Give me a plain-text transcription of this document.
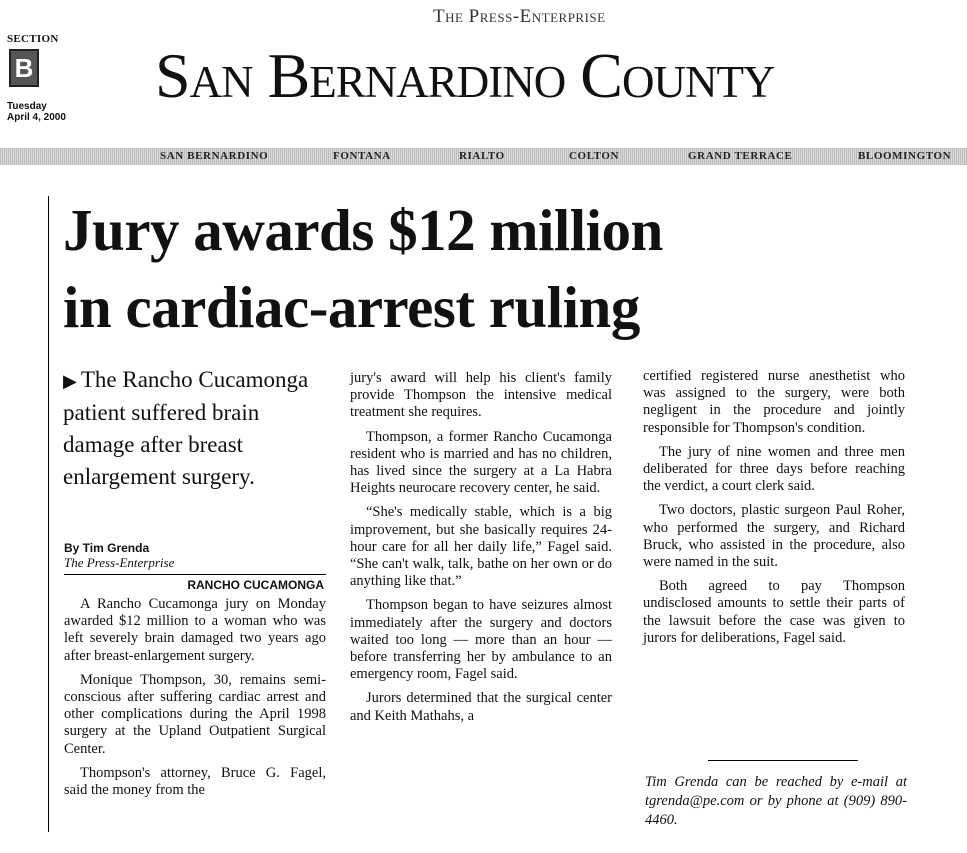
The Press-Enterprise
SECTION
B
Tuesday
April 4, 2000
San Bernardino County
SAN BERNARDINO	FONTANA	RIALTO	COLTON	GRAND TERRACE	BLOOMINGTON
Jury awards $12 million
in cardiac-arrest ruling
▶ The Rancho Cucamonga patient suffered brain damage after breast enlargement surgery.
By Tim Grenda
The Press-Enterprise
RANCHO CUCAMONGA

A Rancho Cucamonga jury on Monday awarded $12 million to a woman who was left severely brain damaged two years ago after breast-enlargement surgery.

Monique Thompson, 30, remains semi-conscious after suffering cardiac arrest and other complications during the April 1998 surgery at the Upland Outpatient Surgical Center.

Thompson's attorney, Bruce G. Fagel, said the money from the

jury's award will help his client's family provide Thompson the intensive medical treatment she requires.

Thompson, a former Rancho Cucamonga resident who is married and has no children, has lived since the surgery at a La Habra Heights neurocare recovery center, he said.

“She's medically stable, which is a big improvement, but she basically requires 24-hour care for all her daily life,” Fagel said. “She can't walk, talk, bathe on her own or do anything like that.”

Thompson began to have seizures almost immediately after the surgery and doctors waited too long — more than an hour — before transferring her by ambulance to an emergency room, Fagel said.

Jurors determined that the surgical center and Keith Mathahs, a

certified registered nurse anesthetist who was assigned to the surgery, were both negligent in the procedure and jointly responsible for Thompson's condition.

The jury of nine women and three men deliberated for three days before reaching the verdict, a court clerk said.

Two doctors, plastic surgeon Paul Roher, who performed the surgery, and Richard Bruck, who assisted in the procedure, also were named in the suit.

Both agreed to pay Thompson undisclosed amounts to settle their parts of the lawsuit before the case was given to jurors for deliberations, Fagel said.

Tim Grenda can be reached by e-mail at tgrenda@pe.com or by phone at (909) 890-4460.
